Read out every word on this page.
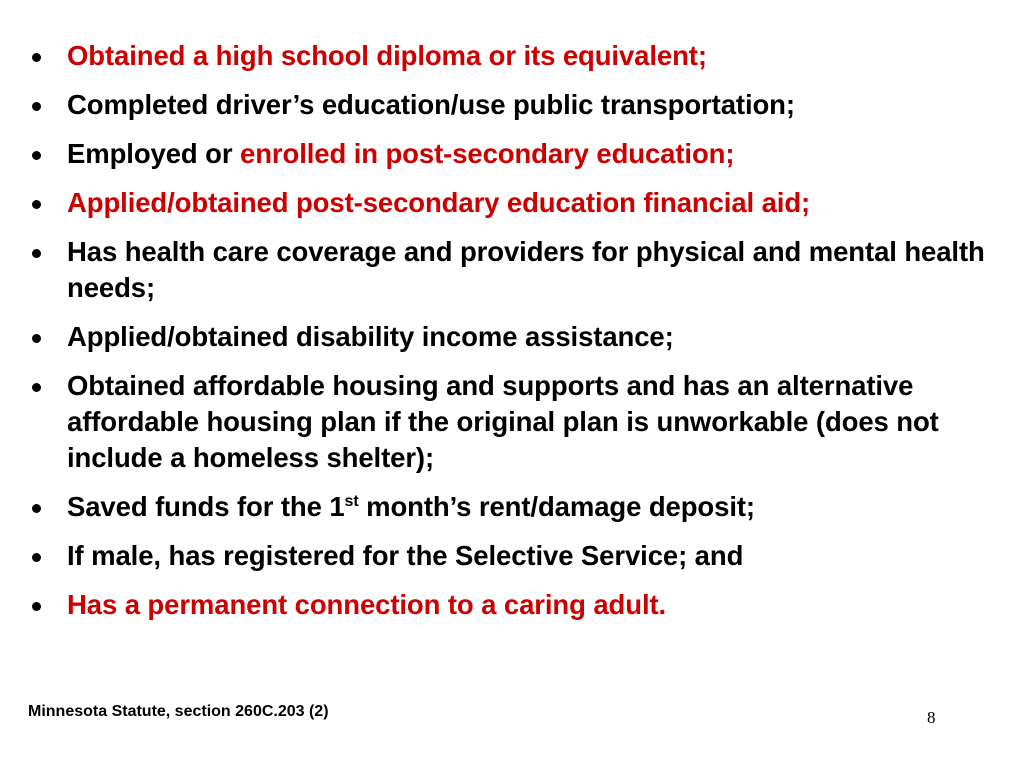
Obtained a high school diploma or its equivalent;
Completed driver’s education/use public transportation;
Employed or enrolled in post-secondary education;
Applied/obtained post-secondary education financial aid;
Has health care coverage and providers for physical and mental health needs;
Applied/obtained disability income assistance;
Obtained affordable housing and supports and has an alternative affordable housing plan if the original plan is unworkable (does not include a homeless shelter);
Saved funds for the 1st month’s rent/damage deposit;
If male, has registered for the Selective Service; and
Has a permanent connection to a caring adult.
Minnesota Statute, section 260C.203 (2)	8
